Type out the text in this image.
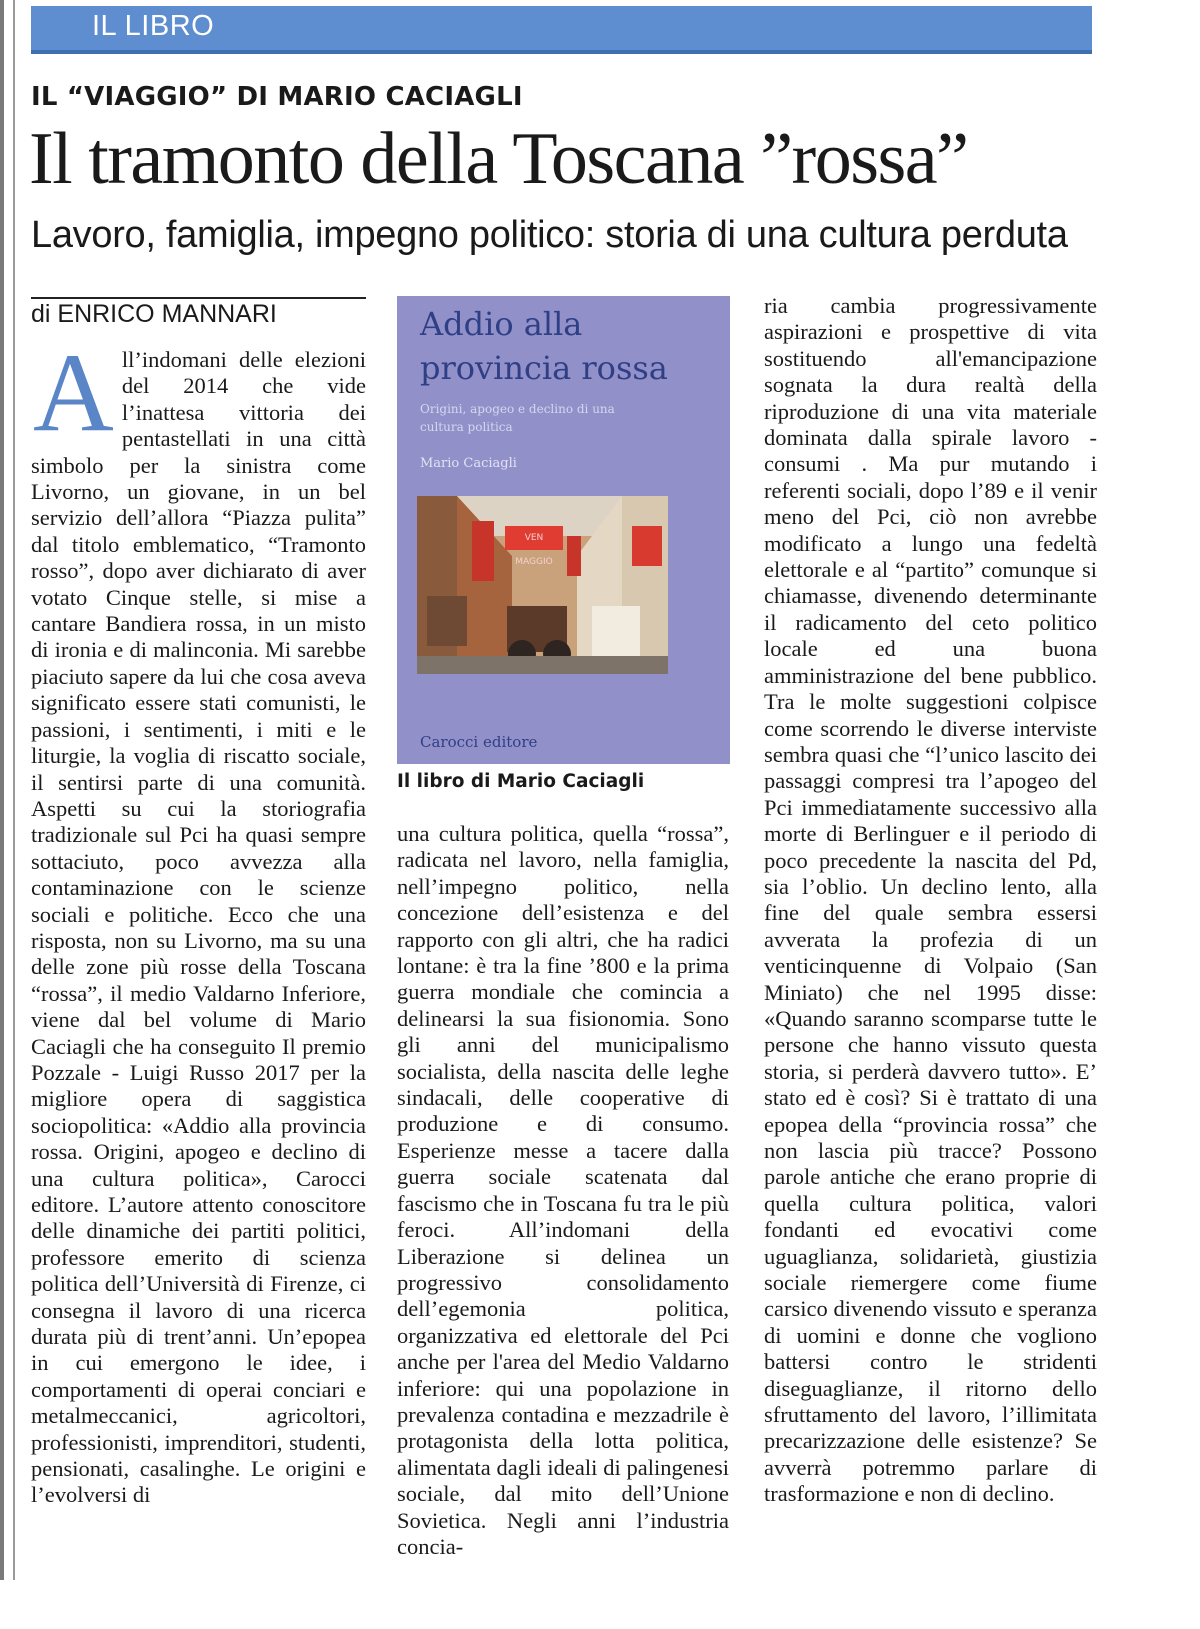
IL LIBRO
IL “VIAGGIO” DI MARIO CACIAGLI
Il tramonto della Toscana ”rossa”
Lavoro, famiglia, impegno politico: storia di una cultura perduta
di ENRICO MANNARI
A ll’indomani delle elezioni del 2014 che vide l’inattesa vittoria dei pentastellati in una città simbolo per la sinistra come Livorno, un giovane, in un bel servizio dell’allora “Piazza pulita” dal titolo emblematico, “Tramonto rosso”, dopo aver dichiarato di aver votato Cinque stelle, si mise a cantare Bandiera rossa, in un misto di ironia e di malinconia. Mi sarebbe piaciuto sapere da lui che cosa aveva significato essere stati comunisti, le passioni, i sentimenti, i miti e le liturgie, la voglia di riscatto sociale, il sentirsi parte di una comunità. Aspetti su cui la storiografia tradizionale sul Pci ha quasi sempre sottaciuto, poco avvezza alla contaminazione con le scienze sociali e politiche. Ecco che una risposta, non su Livorno, ma su una delle zone più rosse della Toscana “rossa”, il medio Valdarno Inferiore, viene dal bel volume di Mario Caciagli che ha conseguito Il premio Pozzale - Luigi Russo 2017 per la migliore opera di saggistica sociopolitica: «Addio alla provincia rossa. Origini, apogeo e declino di una cultura politica», Carocci editore. L’autore attento conoscitore delle dinamiche dei partiti politici, professore emerito di scienza politica dell’Università di Firenze, ci consegna il lavoro di una ricerca durata più di trent’anni. Un’epopea in cui emergono le idee, i comportamenti di operai conciari e metalmeccanici, agricoltori, professionisti, imprenditori, studenti, pensionati, casalinghe. Le origini e l’evolversi di
Addio alla
provincia rossa
Origini, apogeo e declino di una cultura politica
Mario Caciagli
VEN MAGGIO
Carocci editore
Il libro di Mario Caciagli
una cultura politica, quella “rossa”, radicata nel lavoro, nella famiglia, nell’impegno politico, nella concezione dell’esistenza e del rapporto con gli altri, che ha radici lontane: è tra la fine ’800 e la prima guerra mondiale che comincia a delinearsi la sua fisionomia. Sono gli anni del municipalismo socialista, della nascita delle leghe sindacali, delle cooperative di produzione e di consumo. Esperienze messe a tacere dalla guerra sociale scatenata dal fascismo che in Toscana fu tra le più feroci. All’indomani della Liberazione si delinea un progressivo consolidamento dell’egemonia politica, organizzativa ed elettorale del Pci anche per l'area del Medio Valdarno inferiore: qui una popolazione in prevalenza contadina e mezzadrile è protagonista della lotta politica, alimentata dagli ideali di palingenesi sociale, dal mito dell’Unione Sovietica. Negli anni l’industria concia-
ria cambia progressivamente aspirazioni e prospettive di vita sostituendo all'emancipazione sognata la dura realtà della riproduzione di una vita materiale dominata dalla spirale lavoro - consumi . Ma pur mutando i referenti sociali, dopo l’89 e il venir meno del Pci, ciò non avrebbe modificato a lungo una fedeltà elettorale e al “partito” comunque si chiamasse, divenendo determinante il radicamento del ceto politico locale ed una buona amministrazione del bene pubblico. Tra le molte suggestioni colpisce come scorrendo le diverse interviste sembra quasi che “l’unico lascito dei passaggi compresi tra l’apogeo del Pci immediatamente successivo alla morte di Berlinguer e il periodo di poco precedente la nascita del Pd, sia l’oblio. Un declino lento, alla fine del quale sembra essersi avverata la profezia di un venticinquenne di Volpaio (San Miniato) che nel 1995 disse: «Quando saranno scomparse tutte le persone che hanno vissuto questa storia, si perderà davvero tutto». E’ stato ed è così? Si è trattato di una epopea della “provincia rossa” che non lascia più tracce? Possono parole antiche che erano proprie di quella cultura politica, valori fondanti ed evocativi come uguaglianza, solidarietà, giustizia sociale riemergere come fiume carsico divenendo vissuto e speranza di uomini e donne che vogliono battersi contro le stridenti diseguaglianze, il ritorno dello sfruttamento del lavoro, l’illimitata precarizzazione delle esistenze? Se avverrà potremmo parlare di trasformazione e non di declino.
